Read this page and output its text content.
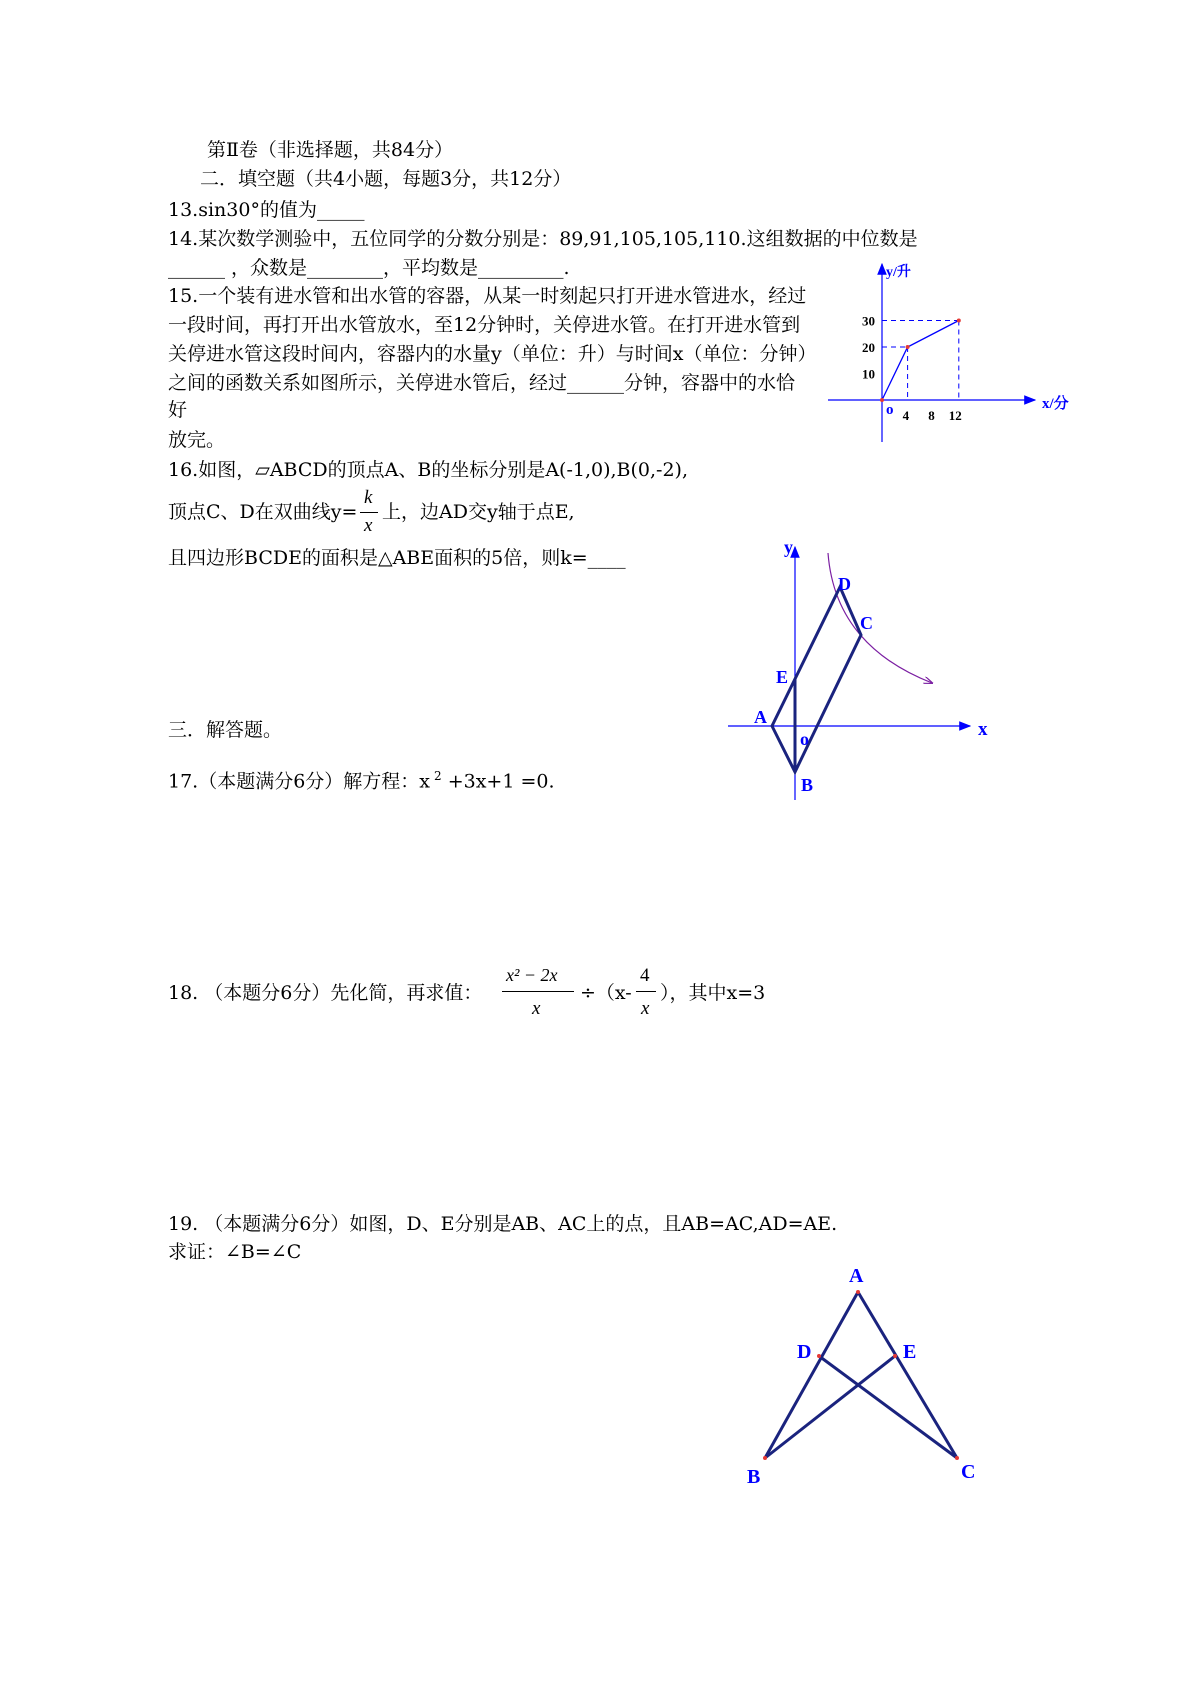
第Ⅱ卷（非选择题，共84分）
二．填空题（共4小题，每题3分，共12分）
13.sin30°的值为_____
14.某次数学测验中，五位同学的分数分别是：89,91,105,105,110.这组数据的中位数是
______ ，众数是________，平均数是_________.
15.一个装有进水管和出水管的容器，从某一时刻起只打开进水管进水，经过
一段时间，再打开出水管放水，至12分钟时，关停进水管。在打开进水管到
关停进水管这段时间内，容器内的水量y（单位：升）与时间x（单位：分钟）
之间的函数关系如图所示，关停进水管后，经过______分钟，容器中的水恰
好
放完。
y/升
x/分
o
30
20
10
4 8 12
16.如图，▱ABCD的顶点A、B的坐标分别是A(-1,0),B(0,-2),
顶点C、D在双曲线y=
k
x
上，边AD交y轴于点E,
且四边形BCDE的面积是△ABE面积的5倍，则k=____	y
x
D
C
E
A
o
B
三．解答题。
17.（本题满分6分）解方程：x $^2$ +3x+1 =0.
18. （本题分6分）先化简，再求值：
x² − 2x
x
÷（x-
4
x
），其中x=3
19. （本题满分6分）如图，D、E分别是AB、AC上的点，且AB=AC,AD=AE.
求证：∠B=∠C
A
D	E
B	C
